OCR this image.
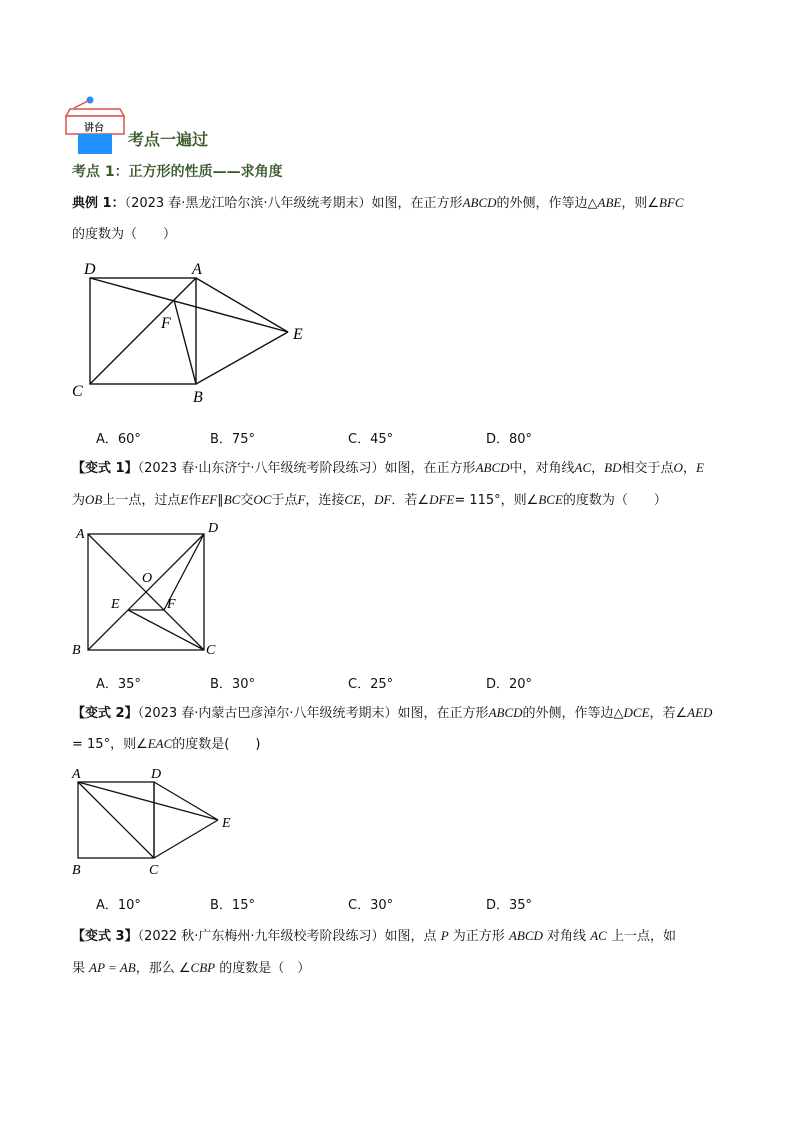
讲台
考点一遍过
考点 1：正方形的性质——求角度
典例 1：（2023 春·黑龙江哈尔滨·八年级统考期末）如图，在正方形ABCD的外侧，作等边△ABE，则∠BFC
的度数为（　　）
D	A
F
E
C	B
A．60°	B．75°	C．45°	D．80°
【变式 1】（2023 春·山东济宁·八年级统考阶段练习）如图，在正方形ABCD中，对角线AC，BD相交于点O，E
为OB上一点，过点E作EF∥BC交OC于点F，连接CE，DF．若∠DFE= 115°，则∠BCE的度数为（　　）
A	D
O
E	F
B	C
A．35°	B．30°	C．25°	D．20°
【变式 2】（2023 春·内蒙古巴彦淖尔·八年级统考期末）如图，在正方形ABCD的外侧，作等边△DCE，若∠AED
= 15°，则∠EAC的度数是(　　)
A	D
E
B	C
A．10°	B．15°	C．30°	D．35°
【变式 3】（2022 秋·广东梅州·九年级校考阶段练习）如图，点 P 为正方形 ABCD 对角线 AC 上一点，如
果 AP = AB，那么 ∠CBP 的度数是（　）
